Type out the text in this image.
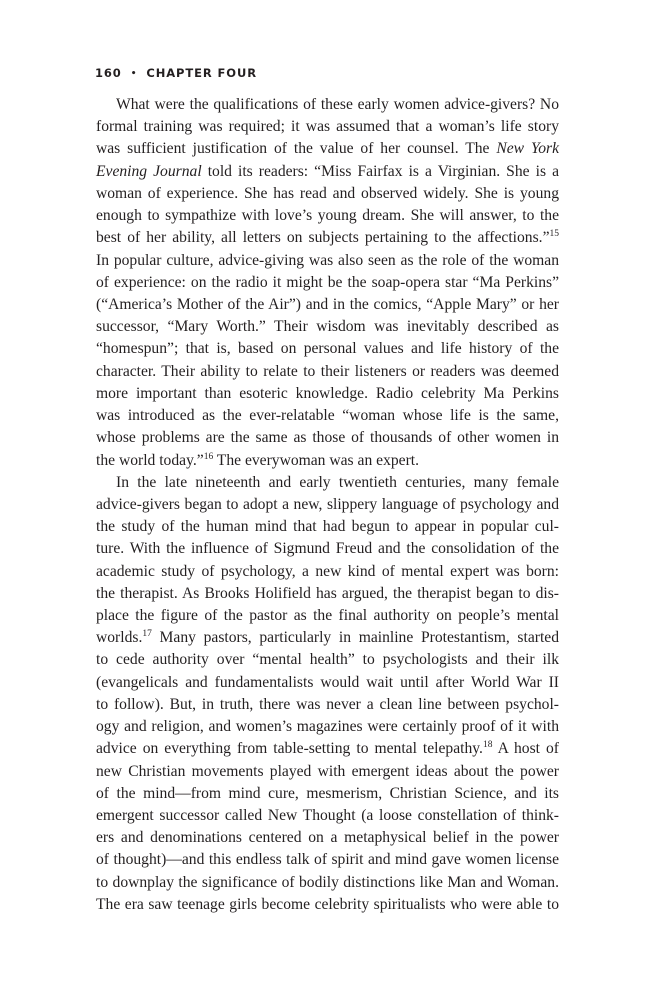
160 • CHAPTER FOUR
What were the qualifications of these early women advice-givers? No
formal training was required; it was assumed that a woman’s life story
was sufficient justification of the value of her counsel. The New York
Evening Journal told its readers: “Miss Fairfax is a Virginian. She is a
woman of experience. She has read and observed widely. She is young
enough to sympathize with love’s young dream. She will answer, to the
best of her ability, all letters on subjects pertaining to the affections.”$^{15}$
In popular culture, advice-giving was also seen as the role of the woman
of experience: on the radio it might be the soap-opera star “Ma Perkins”
(“America’s Mother of the Air”) and in the comics, “Apple Mary” or her
successor, “Mary Worth.” Their wisdom was inevitably described as
“homespun”; that is, based on personal values and life history of the
character. Their ability to relate to their listeners or readers was deemed
more important than esoteric knowledge. Radio celebrity Ma Perkins
was introduced as the ever-relatable “woman whose life is the same,
whose problems are the same as those of thousands of other women in
the world today.”$^{16}$ The everywoman was an expert.
In the late nineteenth and early twentieth centuries, many female
advice-givers began to adopt a new, slippery language of psychology and
the study of the human mind that had begun to appear in popular cul-
ture. With the influence of Sigmund Freud and the consolidation of the
academic study of psychology, a new kind of mental expert was born:
the therapist. As Brooks Holifield has argued, the therapist began to dis-
place the figure of the pastor as the final authority on people’s mental
worlds.$^{17}$ Many pastors, particularly in mainline Protestantism, started
to cede authority over “mental health” to psychologists and their ilk
(evangelicals and fundamentalists would wait until after World War II
to follow). But, in truth, there was never a clean line between psychol-
ogy and religion, and women’s magazines were certainly proof of it with
advice on everything from table-setting to mental telepathy.$^{18}$ A host of
new Christian movements played with emergent ideas about the power
of the mind—from mind cure, mesmerism, Christian Science, and its
emergent successor called New Thought (a loose constellation of think-
ers and denominations centered on a metaphysical belief in the power
of thought)—and this endless talk of spirit and mind gave women license
to downplay the significance of bodily distinctions like Man and Woman.
The era saw teenage girls become celebrity spiritualists who were able to
